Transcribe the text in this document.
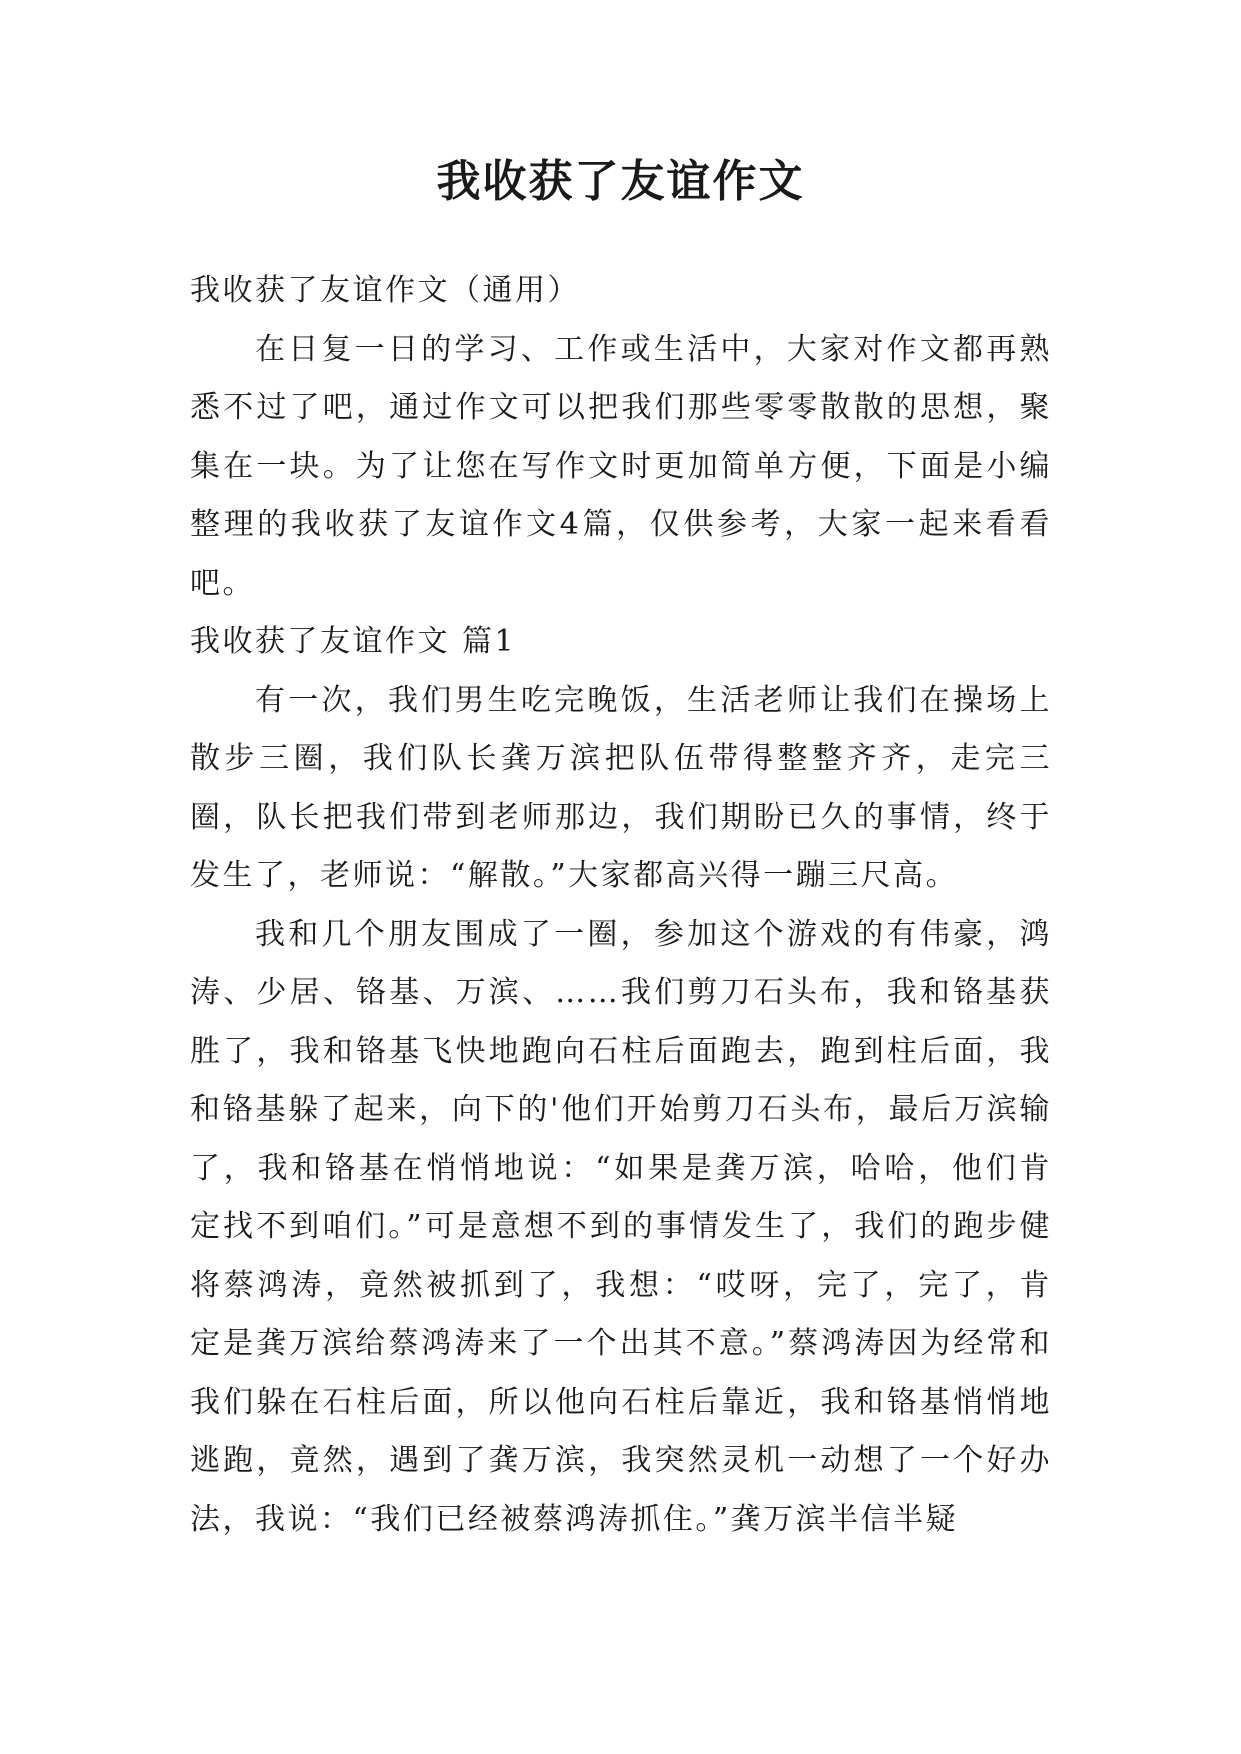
我收获了友谊作文

我收获了友谊作文（通用）

在日复一日的学习、工作或生活中，大家对作文都再熟悉不过了吧，通过作文可以把我们那些零零散散的思想，聚集在一块。为了让您在写作文时更加简单方便，下面是小编整理的我收获了友谊作文4篇，仅供参考，大家一起来看看吧。

我收获了友谊作文 篇1

有一次，我们男生吃完晚饭，生活老师让我们在操场上散步三圈，我们队长龚万滨把队伍带得整整齐齐，走完三圈，队长把我们带到老师那边，我们期盼已久的事情，终于发生了，老师说：“解散。”大家都高兴得一蹦三尺高。

我和几个朋友围成了一圈，参加这个游戏的有伟豪，鸿涛、少居、铬基、万滨、……我们剪刀石头布，我和铬基获胜了，我和铬基飞快地跑向石柱后面跑去，跑到柱后面，我和铬基躲了起来，向下的'他们开始剪刀石头布，最后万滨输了，我和铬基在悄悄地说：“如果是龚万滨，哈哈，他们肯定找不到咱们。”可是意想不到的事情发生了，我们的跑步健将蔡鸿涛，竟然被抓到了，我想：“哎呀，完了，完了，肯定是龚万滨给蔡鸿涛来了一个出其不意。”蔡鸿涛因为经常和我们躲在石柱后面，所以他向石柱后靠近，我和铬基悄悄地逃跑，竟然，遇到了龚万滨，我突然灵机一动想了一个好办法，我说：“我们已经被蔡鸿涛抓住。”龚万滨半信半疑
